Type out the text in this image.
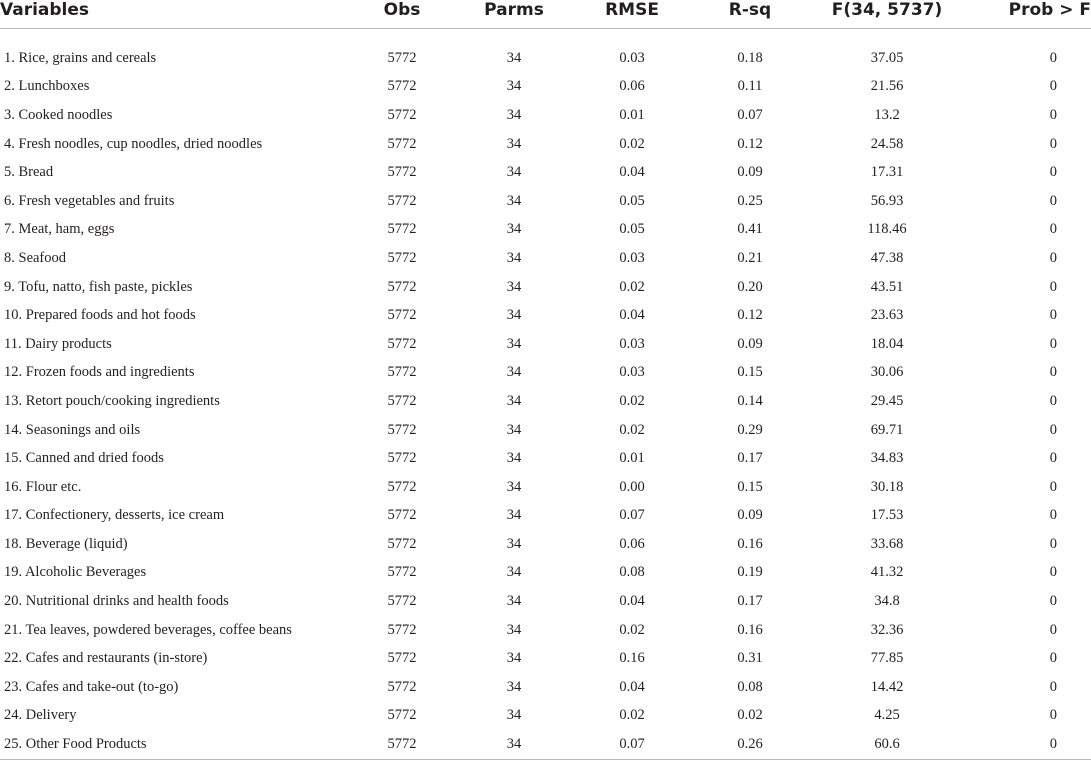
Variables	Obs	Parms	RMSE	R-sq	F(34, 5737)	Prob > F

1. Rice, grains and cereals	5772	34	0.03	0.18	37.05	0
2. Lunchboxes	5772	34	0.06	0.11	21.56	0
3. Cooked noodles	5772	34	0.01	0.07	13.2	0
4. Fresh noodles, cup noodles, dried noodles	5772	34	0.02	0.12	24.58	0
5. Bread	5772	34	0.04	0.09	17.31	0
6. Fresh vegetables and fruits	5772	34	0.05	0.25	56.93	0
7. Meat, ham, eggs	5772	34	0.05	0.41	118.46	0
8. Seafood	5772	34	0.03	0.21	47.38	0
9. Tofu, natto, fish paste, pickles	5772	34	0.02	0.20	43.51	0
10. Prepared foods and hot foods	5772	34	0.04	0.12	23.63	0
11. Dairy products	5772	34	0.03	0.09	18.04	0
12. Frozen foods and ingredients	5772	34	0.03	0.15	30.06	0
13. Retort pouch/cooking ingredients	5772	34	0.02	0.14	29.45	0
14. Seasonings and oils	5772	34	0.02	0.29	69.71	0
15. Canned and dried foods	5772	34	0.01	0.17	34.83	0
16. Flour etc.	5772	34	0.00	0.15	30.18	0
17. Confectionery, desserts, ice cream	5772	34	0.07	0.09	17.53	0
18. Beverage (liquid)	5772	34	0.06	0.16	33.68	0
19. Alcoholic Beverages	5772	34	0.08	0.19	41.32	0
20. Nutritional drinks and health foods	5772	34	0.04	0.17	34.8	0
21. Tea leaves, powdered beverages, coffee beans	5772	34	0.02	0.16	32.36	0
22. Cafes and restaurants (in-store)	5772	34	0.16	0.31	77.85	0
23. Cafes and take-out (to-go)	5772	34	0.04	0.08	14.42	0
24. Delivery	5772	34	0.02	0.02	4.25	0
25. Other Food Products	5772	34	0.07	0.26	60.6	0
